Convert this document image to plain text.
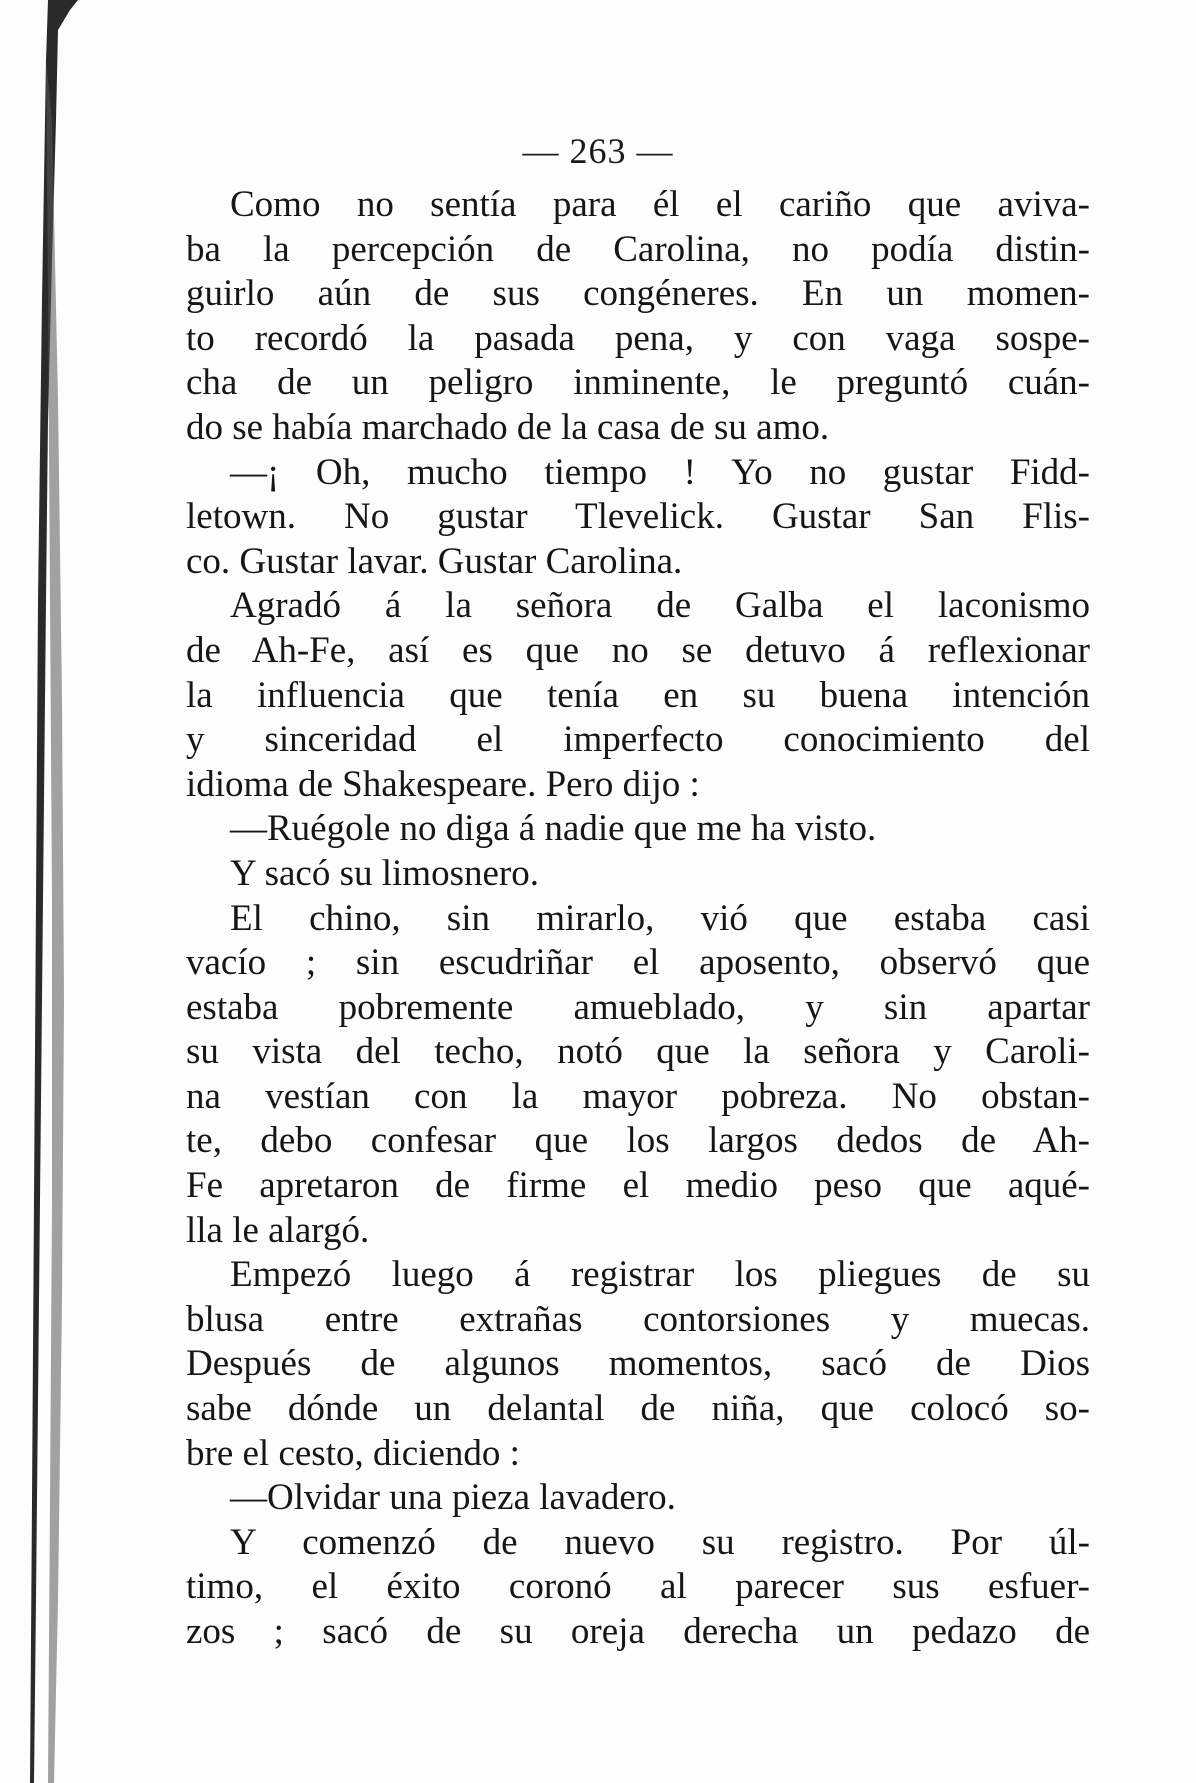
— 263 —
Como no sentía para él el cariño que aviva-
ba la percepción de Carolina, no podía distin-
guirlo aún de sus congéneres. En un momen-
to recordó la pasada pena, y con vaga sospe-
cha de un peligro inminente, le preguntó cuán-
do se había marchado de la casa de su amo.
—¡ Oh, mucho tiempo ! Yo no gustar Fidd-
letown. No gustar Tlevelick. Gustar San Flis-
co. Gustar lavar. Gustar Carolina.
Agradó á la señora de Galba el laconismo
de Ah-Fe, así es que no se detuvo á reflexionar
la influencia que tenía en su buena intención
y sinceridad el imperfecto conocimiento del
idioma de Shakespeare. Pero dijo :
—Ruégole no diga á nadie que me ha visto.
Y sacó su limosnero.
El chino, sin mirarlo, vió que estaba casi
vacío ; sin escudriñar el aposento, observó que
estaba pobremente amueblado, y sin apartar
su vista del techo, notó que la señora y Caroli-
na vestían con la mayor pobreza. No obstan-
te, debo confesar que los largos dedos de Ah-
Fe apretaron de firme el medio peso que aqué-
lla le alargó.
Empezó luego á registrar los pliegues de su
blusa entre extrañas contorsiones y muecas.
Después de algunos momentos, sacó de Dios
sabe dónde un delantal de niña, que colocó so-
bre el cesto, diciendo :
—Olvidar una pieza lavadero.
Y comenzó de nuevo su registro. Por úl-
timo, el éxito coronó al parecer sus esfuer-
zos ; sacó de su oreja derecha un pedazo de
